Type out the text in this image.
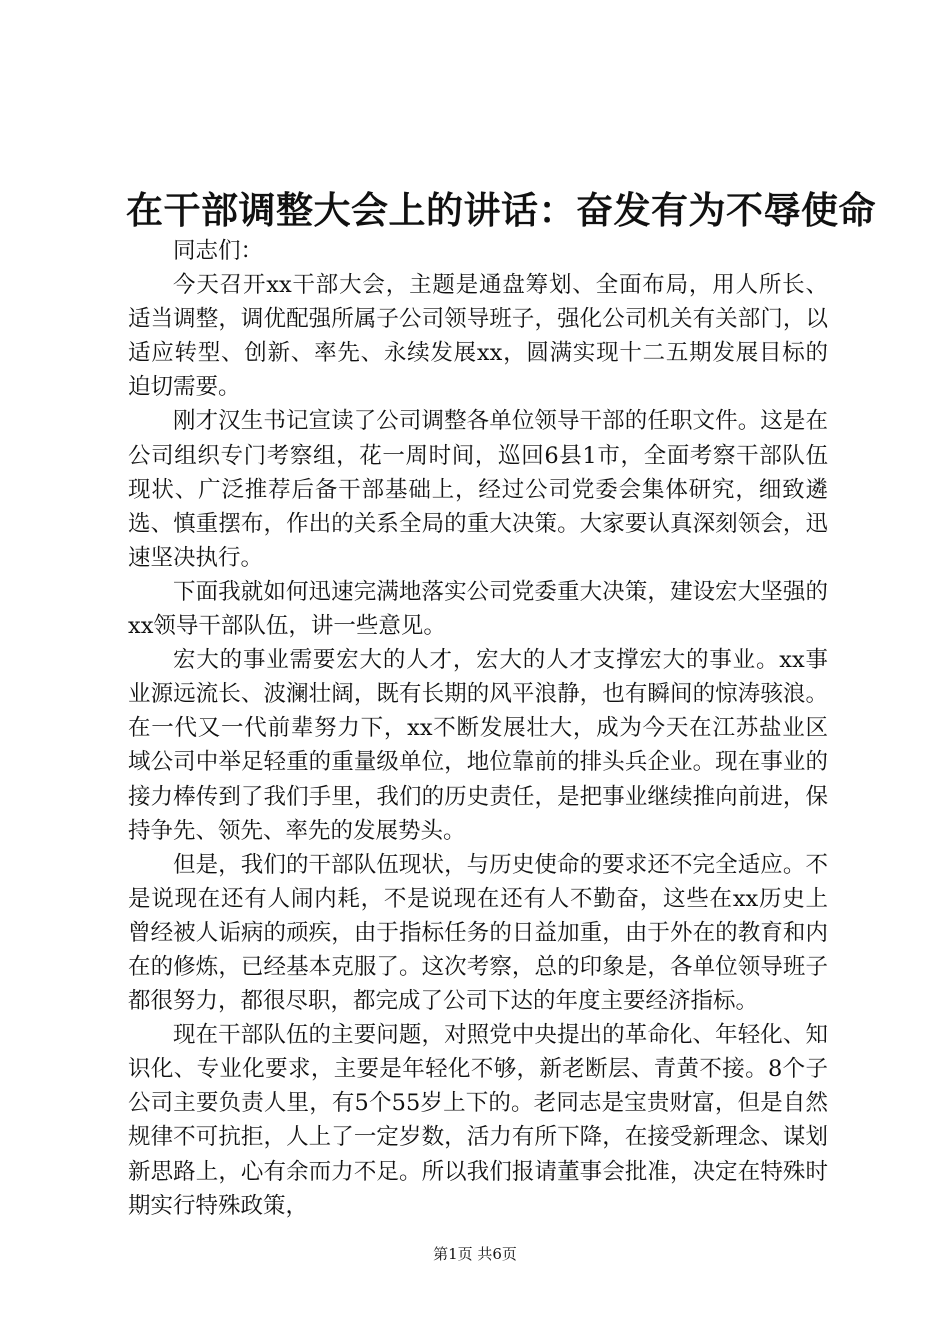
在干部调整大会上的讲话：奋发有为不辱使命

同志们：

今天召开xx干部大会，主题是通盘筹划、全面布局，用人所长、适当调整，调优配强所属子公司领导班子，强化公司机关有关部门，以适应转型、创新、率先、永续发展xx，圆满实现十二五期发展目标的迫切需要。

刚才汉生书记宣读了公司调整各单位领导干部的任职文件。这是在公司组织专门考察组，花一周时间，巡回6县1市，全面考察干部队伍现状、广泛推荐后备干部基础上，经过公司党委会集体研究，细致遴选、慎重摆布，作出的关系全局的重大决策。大家要认真深刻领会，迅速坚决执行。

下面我就如何迅速完满地落实公司党委重大决策，建设宏大坚强的xx领导干部队伍，讲一些意见。

宏大的事业需要宏大的人才，宏大的人才支撑宏大的事业。xx事业源远流长、波澜壮阔，既有长期的风平浪静，也有瞬间的惊涛骇浪。在一代又一代前辈努力下，xx不断发展壮大，成为今天在江苏盐业区域公司中举足轻重的重量级单位，地位靠前的排头兵企业。现在事业的接力棒传到了我们手里，我们的历史责任，是把事业继续推向前进，保持争先、领先、率先的发展势头。

但是，我们的干部队伍现状，与历史使命的要求还不完全适应。不是说现在还有人闹内耗，不是说现在还有人不勤奋，这些在xx历史上曾经被人诟病的顽疾，由于指标任务的日益加重，由于外在的教育和内在的修炼，已经基本克服了。这次考察，总的印象是，各单位领导班子都很努力，都很尽职，都完成了公司下达的年度主要经济指标。

现在干部队伍的主要问题，对照党中央提出的革命化、年轻化、知识化、专业化要求，主要是年轻化不够，新老断层、青黄不接。8个子公司主要负责人里，有5个55岁上下的。老同志是宝贵财富，但是自然规律不可抗拒，人上了一定岁数，活力有所下降，在接受新理念、谋划新思路上，心有余而力不足。所以我们报请董事会批准，决定在特殊时期实行特殊政策，

第1页 共6页
